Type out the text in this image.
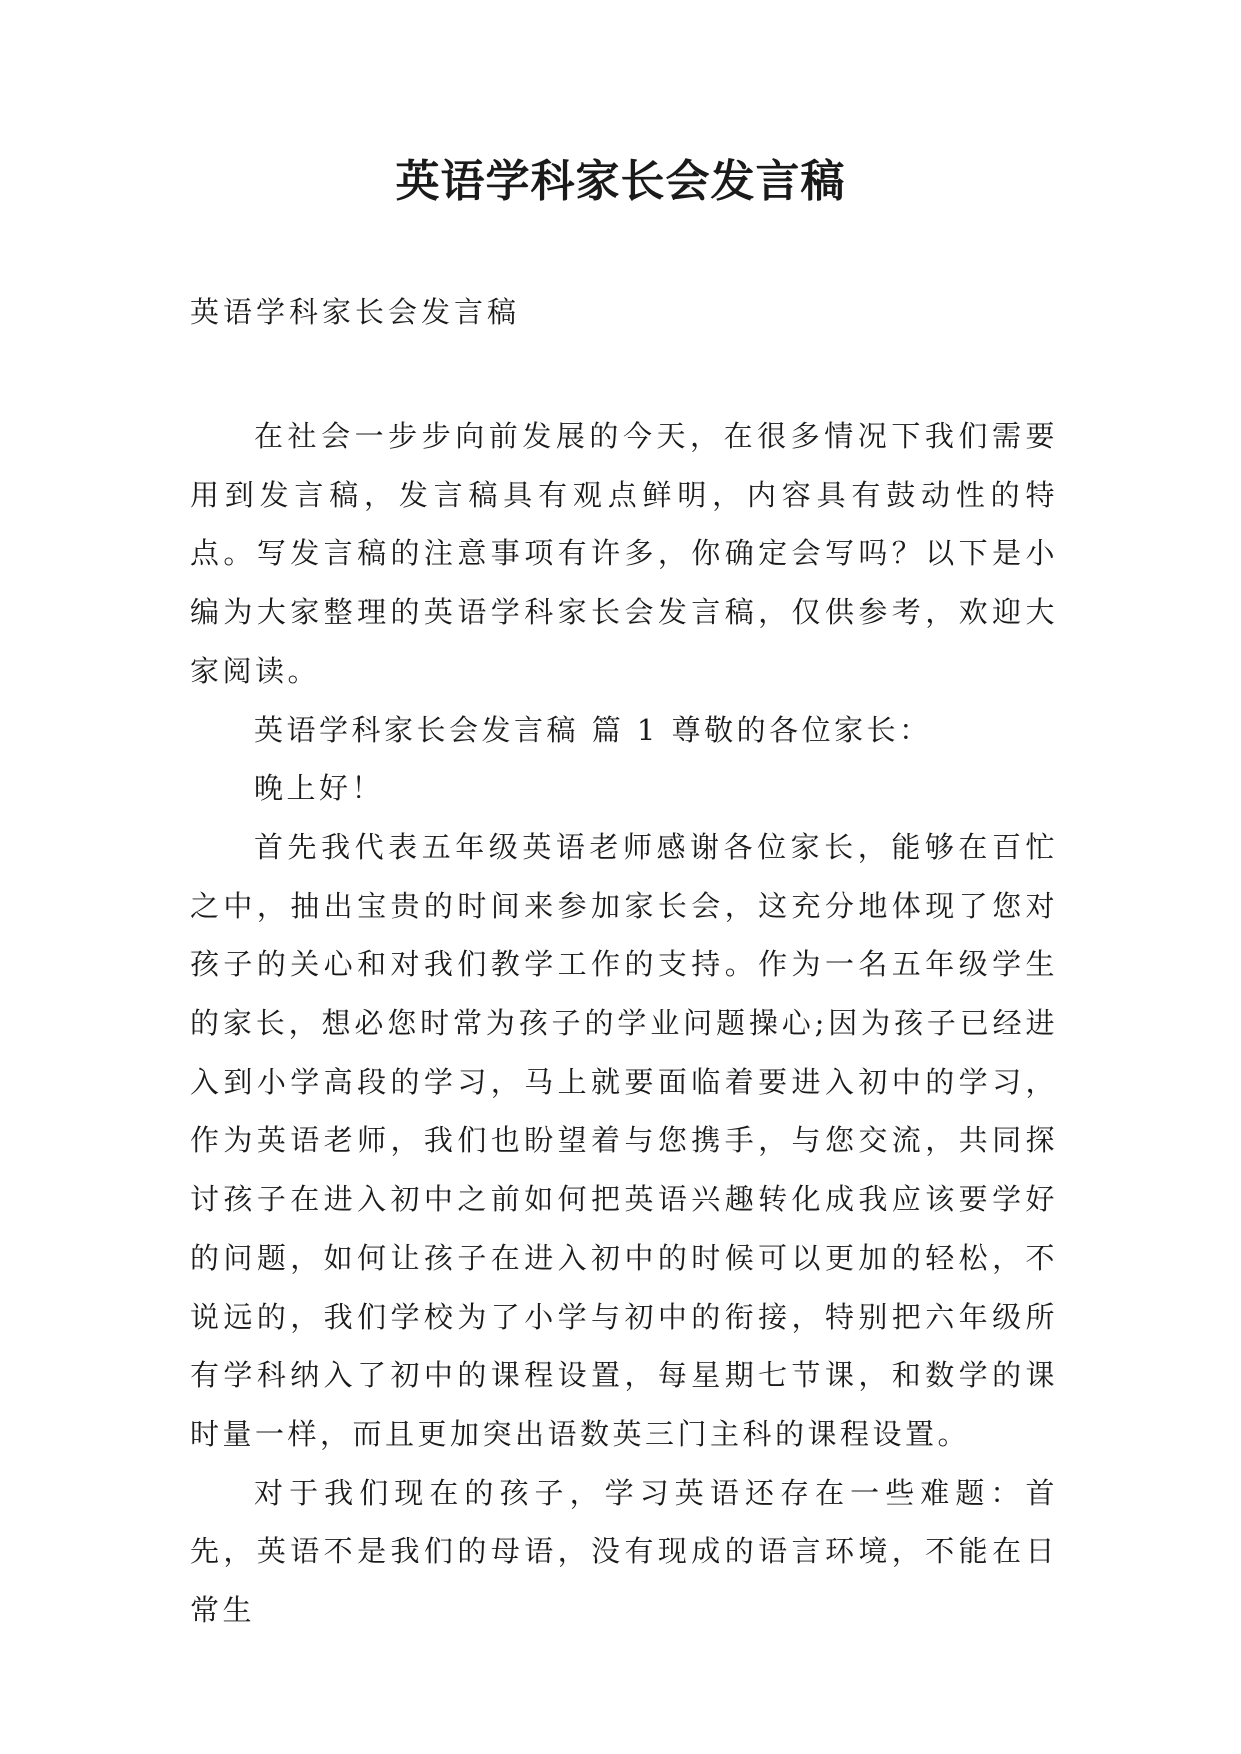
英语学科家长会发言稿
英语学科家长会发言稿

在社会一步步向前发展的今天，在很多情况下我们需要用到发言稿，发言稿具有观点鲜明，内容具有鼓动性的特点。写发言稿的注意事项有许多，你确定会写吗？以下是小编为大家整理的英语学科家长会发言稿，仅供参考，欢迎大家阅读。

英语学科家长会发言稿 篇 1 尊敬的各位家长：

晚上好！

首先我代表五年级英语老师感谢各位家长，能够在百忙之中，抽出宝贵的时间来参加家长会，这充分地体现了您对孩子的关心和对我们教学工作的支持。作为一名五年级学生的家长，想必您时常为孩子的学业问题操心;因为孩子已经进入到小学高段的学习，马上就要面临着要进入初中的学习，作为英语老师，我们也盼望着与您携手，与您交流，共同探讨孩子在进入初中之前如何把英语兴趣转化成我应该要学好的问题，如何让孩子在进入初中的时候可以更加的轻松，不说远的，我们学校为了小学与初中的衔接，特别把六年级所有学科纳入了初中的课程设置，每星期七节课，和数学的课时量一样，而且更加突出语数英三门主科的课程设置。

对于我们现在的孩子，学习英语还存在一些难题：首先，英语不是我们的母语，没有现成的语言环境，不能在日常生
